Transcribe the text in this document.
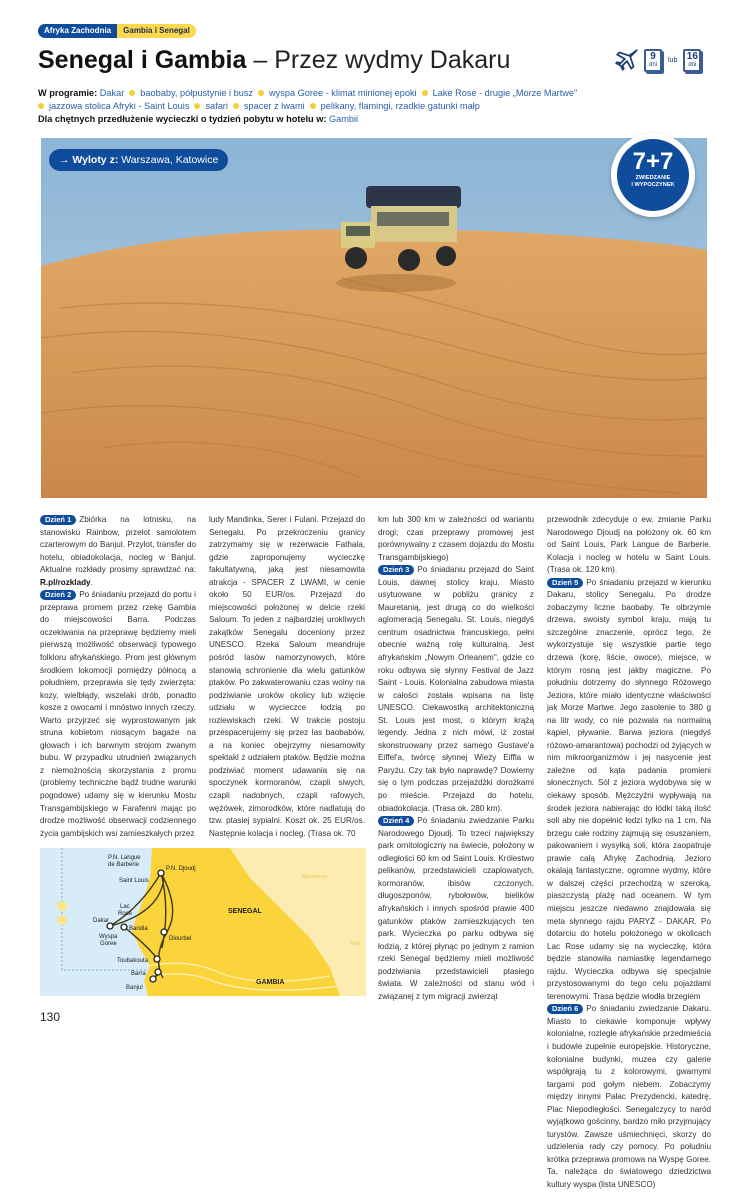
Afryka Zachodnia	Gambia i Senegal
Senegal i Gambia – Przez wydmy Dakaru	9
dni
lub 16
dni
W programie: Dakar baobaby, półpustynie i busz wyspa Goree - klimat minionej epoki Lake Rose - drugie „Morze Martwe"
jazzowa stolica Afryki - Saint Louis safari spacer z lwami pelikany, flamingi, rzadkie gatunki małp
Dla chętnych przedłużenie wycieczki o tydzień pobytu w hotelu w: Gambii
→ Wyloty z: Warszawa, Katowice	7+7
ZWIEDZANIE
I WYPOCZYNEK

Dzień 1 Zbiórka na lotnisku, na stanowisku Rainbow, przelot samolotem czarterowym do Banjul. Przylot, transfer do hotelu, obiadokolacja, nocleg w Banjul. Aktualne rozkłady prosimy sprawdzać na: R.pl/rozklady.

Dzień 2 Po śniadaniu przejazd do portu i przeprawa promem przez rzekę Gambia do miejscowości Barra. Podczas oczekiwania na przeprawę będziemy mieli pierwszą możliwość obserwacji typowego folkloru afrykańskiego. Prom jest głównym środkiem lokomocji pomiędzy północą a południem, przeprawia się tędy zwierzęta: kozy, wielbłądy, wszelaki drób, ponadto kosze z owocami i mnóstwo innych rzeczy. Warto przyjrzeć się wyprostowanym jak struna kobietom niosącym bagaże na głowach i ich barwnym strojom zwanym bubu. W przypadku utrudnień związanych z niemożnością skorzystania z promu (problemy techniczne bądź trudne warunki pogodowe) udamy się w kierunku Mostu Transgambijskiego w Farafenni mając po drodze możliwość obserwacji codziennego życia gambijskich wsi zamieszkałych przez

ludy Mandinka, Serer i Fulani. Przejazd do Senegalu. Po przekroczeniu granicy zatrzymamy się w rezerwacie Fathala, gdzie zaproponujemy wycieczkę fakultatywną, jaką jest niesamowita atrakcja - SPACER Z LWAMI, w cenie około 50 EUR/os. Przejazd do miejscowości położonej w delcie rzeki Saloum. To jeden z najbardziej urokliwych zakątków Senegalu doceniony przez UNESCO. Rzeka Saloum meandruje pośród lasów namorzynowych, które stanowią schronienie dla wielu gatunków ptaków. Po zakwaterowaniu czas wolny na podziwianie uroków okolicy lub wzięcie udziału w wycieczce łodzią po rozlewiskach rzeki. W trakcie postoju przespacerujemy się przez las baobabów, a na koniec obejrzymy niesamowity spektakl z udziałem ptaków. Będzie można podziwiać moment udawania się na spoczynek kormoranów, czapli siwych, czapli nadobnych, czapli rafowych, wężówek, zimorodków, które nadlatują do tzw. ptasiej sypialni. Koszt ok. 25 EUR/os. Następnie kolacja i nocleg. (Trasa ok. 70

km lub 300 km w zależności od wariantu drogi; czas przeprawy promowej jest porównywalny z czasem dojazdu do Mostu Transgambijskiego)

Dzień 3 Po śniadaniu przejazd do Saint Louis, dawnej stolicy kraju. Miasto usytuowane w pobliżu granicy z Mauretanią, jest drugą co do wielkości aglomeracją Senegalu. St. Louis, niegdyś centrum osadnictwa francuskiego, pełni obecnie ważną rolę kulturalną. Jest afrykańskim „Nowym Orleanem", gdzie co roku odbywa się słynny Festival de Jazz Saint - Louis. Kolonialna zabudowa miasta w całości została wpisana na listę UNESCO. Ciekawostką architektoniczną St. Louis jest most, o którym krążą legendy. Jedna z nich mówi, iż został skonstruowany przez samego Gustave'a Eiffel'a, twórcę słynnej Wieży Eiffla w Paryżu. Czy tak było naprawdę? Dowiemy się o tym podczas przejażdżki dorożkami po mieście. Przejazd do hotelu, obiadokolacja. (Trasa ok. 280 km).

Dzień 4 Po śniadaniu zwiedzanie Parku Narodowego Djoudj. To trzeci największy park ornitologiczny na świecie, położony w odległości 60 km od Saint Louis. Królestwo pelikanów, przedstawicieli czaplowatych, kormoranów, ibisów czczonych, długoszponów, rybołowów, bielików afrykańskich i innych spośród prawie 400 gatunków ptaków zamieszkujących ten park. Wycieczka po parku odbywa się łodzią, z której płynąc po jednym z ramion rzeki Senegal będziemy mieli możliwość podziwiania przedstawicieli ptasiego świata. W zależności od stanu wód i związanej z tym migracji zwierząt

przewodnik zdecyduje o ew. zmianie Parku Narodowego Djoudj na położony ok. 60 km od Saint Louis, Park Langue de Barberie. Kolacja i nocleg w hotelu w Saint Louis. (Trasa ok. 120 km).

Dzień 5 Po śniadaniu przejazd w kierunku Dakaru, stolicy Senegalu. Po drodze zobaczymy liczne baobaby. Te olbrzymie drzewa, swoisty symbol kraju, mają tu szczególne znaczenie, oprócz tego, że wykorzystuje się wszystkie partie tego drzewa (korę, liście, owoce), miejsce, w którym rosną jest jakby magiczne. Po południu dotrzemy do słynnego Różowego Jeziora, które miało identyczne właściwości jak Morze Martwe. Jego zasolenie to 380 g na litr wody, co nie pozwala na normalną kąpiel, pływanie. Barwa jeziora (niegdyś różowo-amarantowa) pochodzi od żyjących w nim mikroorganizmów i jej nasycenie jest zależne od kąta padania promieni słonecznych. Sól z jeziora wydobywa się w ciekawy sposób. Mężczyźni wypływają na środek jeziora nabierając do łódki taką ilość soli aby nie dopełnić łodzi tylko na 1 cm. Na brzegu całe rodziny zajmują się osuszaniem, pakowaniem i wysyłką soli, która zaopatruje prawie całą Afrykę Zachodnią. Jezioro okalają fantastyczne, ogromne wydmy, które w dalszej części przechodzą w szeroką, piaszczystą plażę nad oceanem. W tym miejscu jeszcze niedawno znajdowała się meta słynnego rajdu PARYŻ - DAKAR. Po dotarciu do hotelu położonego w okolicach Lac Rose udamy się na wycieczkę, która będzie stanowiła namiastkę legendarnego rajdu. Wycieczka odbywa się specjalnie przystosowanymi do tego celu pojazdami terenowymi. Trasa będzie wiodła brzegiem

Dzień 6 Po śniadaniu zwiedzanie Dakaru. Miasto to ciekawie komponuje wpływy kolonialne, rozległe afrykańskie przedmieścia i budowle zupełnie europejskie. Historyczne, kolonialne budynki, muzea czy galerie współgrają tu z kolorowymi, gwarnymi targami pod gołym niebem. Zobaczymy między innymi Pałac Prezydencki, katedrę, Plac Niepodległości. Senegalczycy to naród wyjątkowo gościnny, bardzo miło przyjmujący turystów. Zawsze uśmiechnięci, skorzy do udzielenia rady czy pomocy. Po południu krótka przeprawa promowa na Wyspę Goree. Ta, należąca do światowego dziedzictwa kultury wyspa (lista UNESCO)

P.N. Langue
de Barberie
P.N. Djoudj
Saint Louis
Lac
Rose
Dakar
Bandia
Wyspa
Goree
Diourbel
Toubakouta
Barra
Banjul
SENEGAL
GAMBIA
Mauretania
Mali
130
